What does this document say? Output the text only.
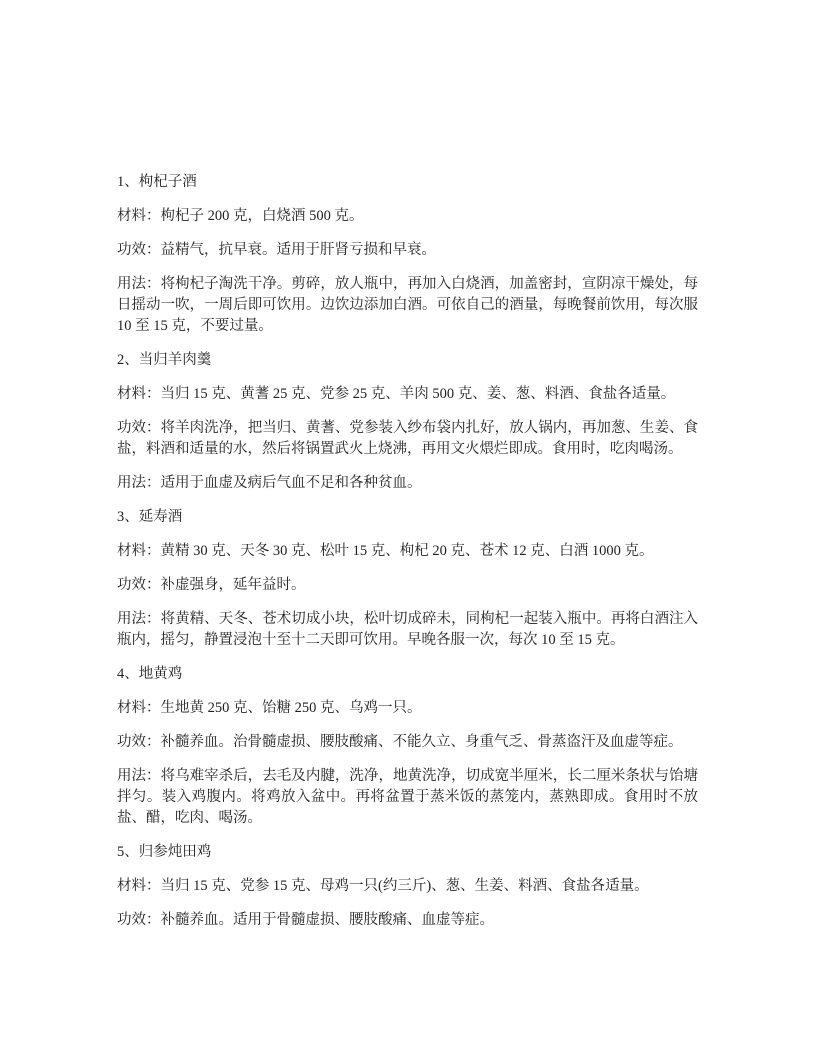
1、枸杞子酒

材料：枸杞子 200 克，白烧酒 500 克。

功效：益精气，抗早衰。适用于肝肾亏损和早衰。

用法：将枸杞子淘洗干净。剪碎，放人瓶中，再加入白烧酒，加盖密封，宣阴凉干燥处，每日摇动一吹，一周后即可饮用。边饮边添加白酒。可依自己的酒量，每晚餐前饮用，每次服 10 至 15 克，不要过量。

2、当归羊肉羹

材料：当归 15 克、黄蓍 25 克、党参 25 克、羊肉 500 克、姜、葱、料酒、食盐各适量。

功效：将羊肉洗净，把当归、黄蓍、党参装入纱布袋内扎好，放人锅内，再加葱、生姜、食盐，料酒和适量的水，然后将锅置武火上烧沸，再用文火煨烂即成。食用时，吃肉喝汤。

用法：适用于血虚及病后气血不足和各种贫血。

3、延寿酒

材料：黄精 30 克、天冬 30 克、松叶 15 克、枸杞 20 克、苍术 12 克、白酒 1000 克。

功效：补虚强身，延年益时。

用法：将黄精、天冬、苍术切成小块，松叶切成碎未，同枸杞一起装入瓶中。再将白酒注入瓶内，摇匀，静置浸泡十至十二天即可饮用。早晚各服一次，每次 10 至 15 克。

4、地黄鸡

材料：生地黄 250 克、饴糖 250 克、乌鸡一只。

功效：补髓养血。治骨髓虚损、腰肢酸痛、不能久立、身重气乏、骨蒸盗汗及血虚等症。

用法：将乌难宰杀后，去毛及内腱，洗净，地黄洗净，切成宽半厘米，长二厘米条状与饴塘拌匀。装入鸡腹内。将鸡放入盆中。再将盆置于蒸米饭的蒸笼内，蒸熟即成。食用时不放盐、醋，吃肉、喝汤。

5、归参炖田鸡

材料：当归 15 克、党参 15 克、母鸡一只(约三斤)、葱、生姜、料酒、食盐各适量。

功效：补髓养血。适用于骨髓虚损、腰肢酸痛、血虚等症。
